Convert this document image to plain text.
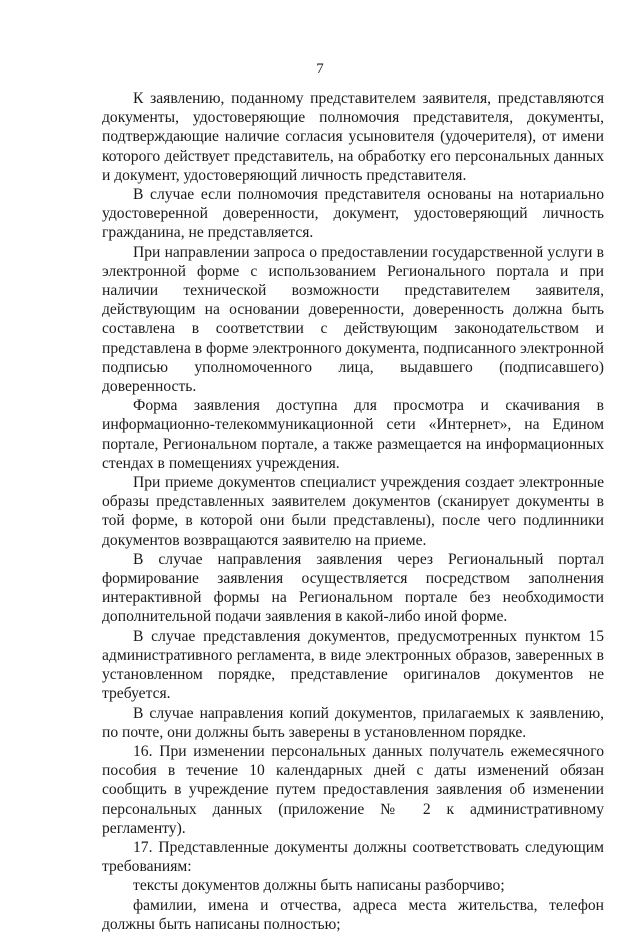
7

К заявлению, поданному представителем заявителя, представляются документы, удостоверяющие полномочия представителя, документы, подтверждающие наличие согласия усыновителя (удочерителя), от имени которого действует представитель, на обработку его персональных данных и документ, удостоверяющий личность представителя.

В случае если полномочия представителя основаны на нотариально удостоверенной доверенности, документ, удостоверяющий личность гражданина, не представляется.

При направлении запроса о предоставлении государственной услуги в электронной форме с использованием Регионального портала и при наличии технической возможности представителем заявителя, действующим на основании доверенности, доверенность должна быть составлена в соответствии с действующим законодательством и представлена в форме электронного документа, подписанного электронной подписью уполномоченного лица, выдавшего (подписавшего) доверенность.

Форма заявления доступна для просмотра и скачивания в информационно-телекоммуникационной сети «Интернет», на Едином портале, Региональном портале, а также размещается на информационных стендах в помещениях учреждения.

При приеме документов специалист учреждения создает электронные образы представленных заявителем документов (сканирует документы в той форме, в которой они были представлены), после чего подлинники документов возвращаются заявителю на приеме.

В случае направления заявления через Региональный портал формирование заявления осуществляется посредством заполнения интерактивной формы на Региональном портале без необходимости дополнительной подачи заявления в какой-либо иной форме.

В случае представления документов, предусмотренных пунктом 15 административного регламента, в виде электронных образов, заверенных в установленном порядке, представление оригиналов документов не требуется.

В случае направления копий документов, прилагаемых к заявлению, по почте, они должны быть заверены в установленном порядке.

16. При изменении персональных данных получатель ежемесячного пособия в течение 10 календарных дней с даты изменений обязан сообщить в учреждение путем предоставления заявления об изменении персональных данных (приложение № 2 к административному регламенту).

17. Представленные документы должны соответствовать следующим требованиям:

тексты документов должны быть написаны разборчиво;

фамилии, имена и отчества, адреса места жительства, телефон должны быть написаны полностью;
